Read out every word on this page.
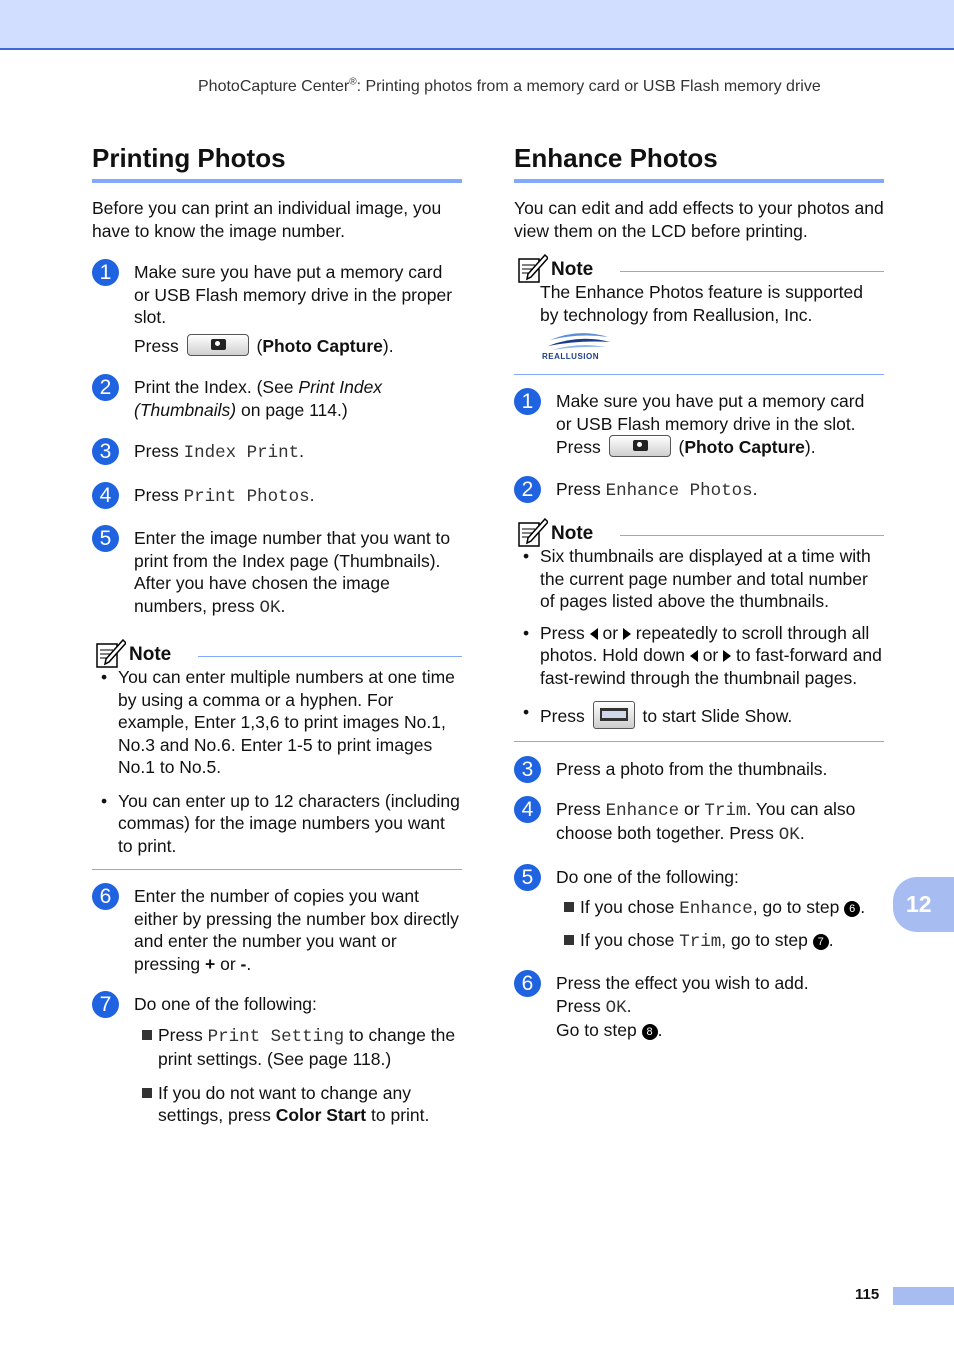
PhotoCapture Center®: Printing photos from a memory card or USB Flash memory drive
Printing Photos

Before you can print an individual image, you have to know the image number.

1	Make sure you have put a memory card or USB Flash memory drive in the proper slot.

Press	(Photo Capture).

2	Print the Index. (See Print Index (Thumbnails) on page 114.)

3	Press Index Print.

4	Press Print Photos.

5	Enter the image number that you want to print from the Index page (Thumbnails). After you have chosen the image numbers, press OK.

Note
• You can enter multiple numbers at one time by using a comma or a hyphen. For example, Enter 1,3,6 to print images No.1, No.3 and No.6. Enter 1-5 to print images No.1 to No.5.
• You can enter up to 12 characters (including commas) for the image numbers you want to print.
6	Enter the number of copies you want either by pressing the number box directly and enter the number you want or pressing + or -.

7	Do one of the following:

Press Print Setting to change the print settings. (See page 118.)
If you do not want to change any settings, press Color Start to print.
Enhance Photos

You can edit and add effects to your photos and view them on the LCD before printing.

Note

The Enhance Photos feature is supported by technology from Reallusion, Inc.

REALLUSION
1	Make sure you have put a memory card or USB Flash memory drive in the slot.

Press	(Photo Capture).

2	Press Enhance Photos.

Note
• Six thumbnails are displayed at a time with the current page number and total number of pages listed above the thumbnails.
• Press  or  repeatedly to scroll through all photos. Hold down  or  to fast-forward and fast-rewind through the thumbnail pages.
• Press	to start Slide Show.
3	Press a photo from the thumbnails.

4	Press Enhance or Trim. You can also choose both together. Press OK.

5	Do one of the following:

If you chose Enhance, go to step 6 .
If you chose Trim, go to step 7 .
6	Press the effect you wish to add.

Press OK.

Go to step 8 .

12
115
